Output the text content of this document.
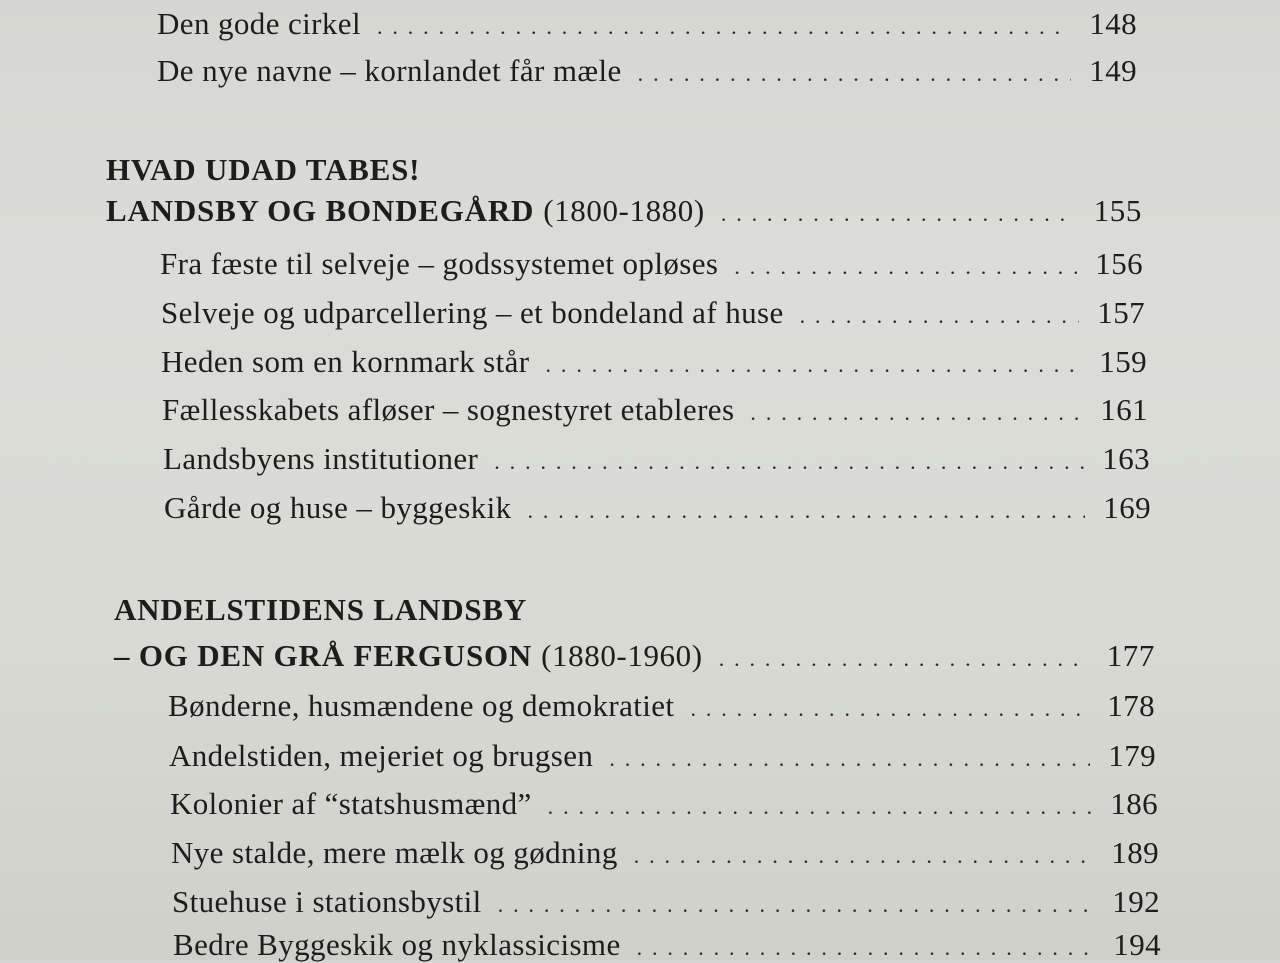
Den gode cirkel . . .	148
De nye navne – kornlandet får mæle . . .	149
HVAD UDAD TABES!
LANDSBY OG BONDEGÅRD (1800-1880) . . .	155
Fra fæste til selveje – godssystemet opløses . . .	156
Selveje og udparcellering – et bondeland af huse . . .	157
Heden som en kornmark står . . .	159
Fællesskabets afløser – sognestyret etableres . . .	161
Landsbyens institutioner . . .	163
Gårde og huse – byggeskik . . .	169
ANDELSTIDENS LANDSBY
– OG DEN GRÅ FERGUSON (1880-1960) . . .	177
Bønderne, husmændene og demokratiet . . .	178
Andelstiden, mejeriet og brugsen . . .	179
Kolonier af “statshusmænd” . . .	186
Nye stalde, mere mælk og gødning . . .	189
Stuehuse i stationsbystil . . .	192
Bedre Byggeskik og nyklassicisme . . .	194
